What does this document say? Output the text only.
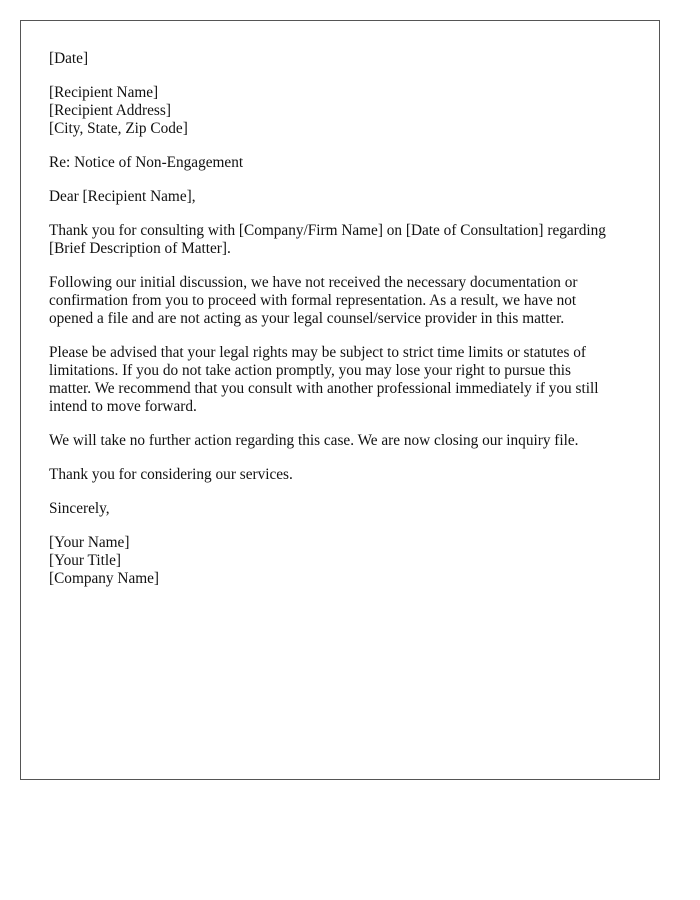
[Date]
[Recipient Name]
[Recipient Address]
[City, State, Zip Code]
Re: Notice of Non-Engagement
Dear [Recipient Name],
Thank you for consulting with [Company/Firm Name] on [Date of Consultation] regarding
[Brief Description of Matter].
Following our initial discussion, we have not received the necessary documentation or
confirmation from you to proceed with formal representation. As a result, we have not
opened a file and are not acting as your legal counsel/service provider in this matter.
Please be advised that your legal rights may be subject to strict time limits or statutes of
limitations. If you do not take action promptly, you may lose your right to pursue this
matter. We recommend that you consult with another professional immediately if you still
intend to move forward.
We will take no further action regarding this case. We are now closing our inquiry file.
Thank you for considering our services.
Sincerely,
[Your Name]
[Your Title]
[Company Name]
